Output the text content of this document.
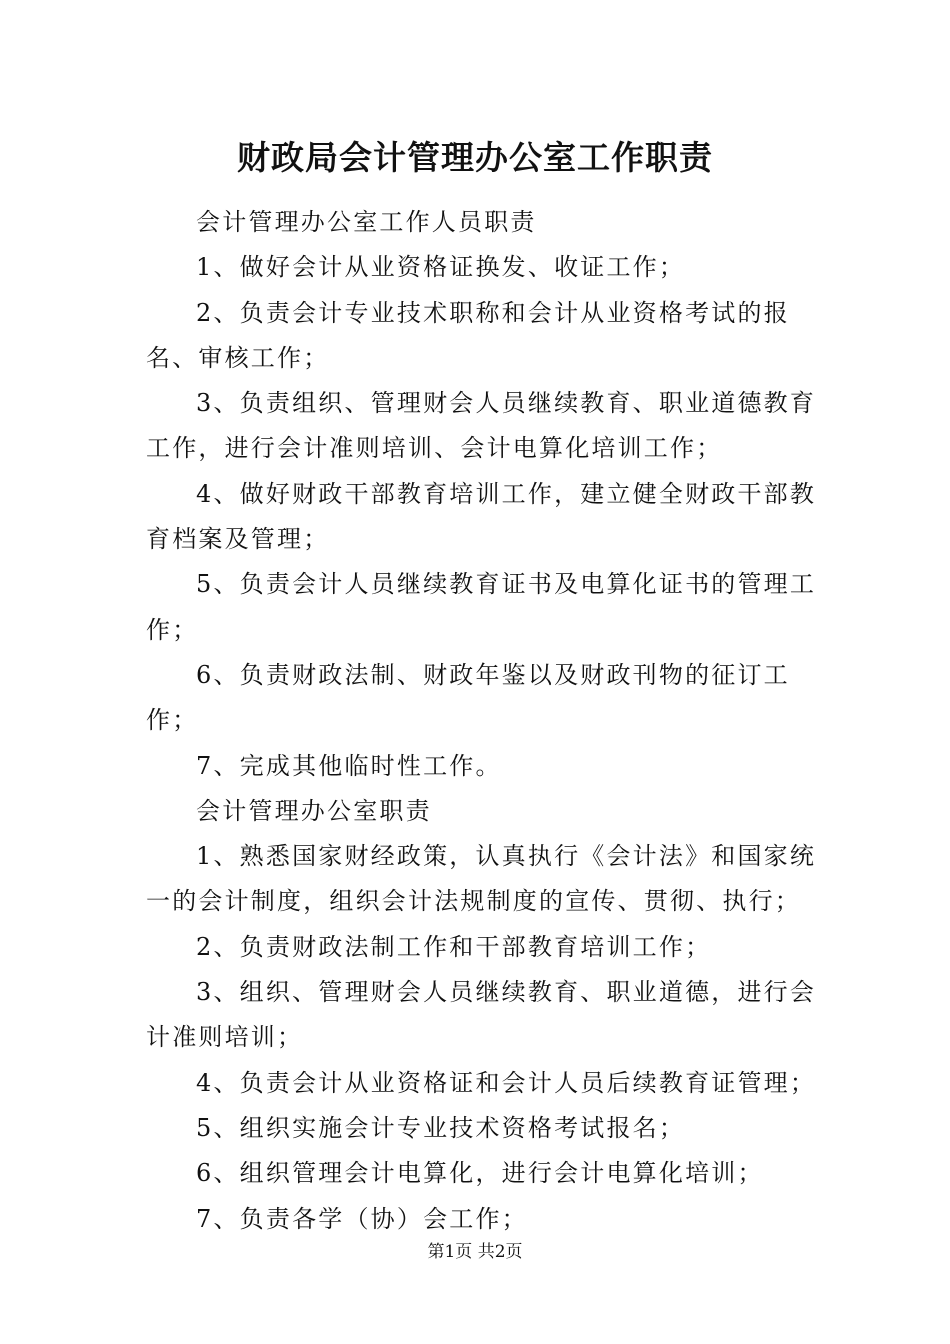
财政局会计管理办公室工作职责

会计管理办公室工作人员职责

1、做好会计从业资格证换发、收证工作；

2、负责会计专业技术职称和会计从业资格考试的报名、审核工作；

3、负责组织、管理财会人员继续教育、职业道德教育工作，进行会计准则培训、会计电算化培训工作；

4、做好财政干部教育培训工作，建立健全财政干部教育档案及管理；

5、负责会计人员继续教育证书及电算化证书的管理工作；

6、负责财政法制、财政年鉴以及财政刊物的征订工作；

7、完成其他临时性工作。

会计管理办公室职责

1、熟悉国家财经政策，认真执行《会计法》和国家统一的会计制度，组织会计法规制度的宣传、贯彻、执行；

2、负责财政法制工作和干部教育培训工作；

3、组织、管理财会人员继续教育、职业道德，进行会计准则培训；

4、负责会计从业资格证和会计人员后续教育证管理；

5、组织实施会计专业技术资格考试报名；

6、组织管理会计电算化，进行会计电算化培训；

7、负责各学（协）会工作；

第1页 共2页
